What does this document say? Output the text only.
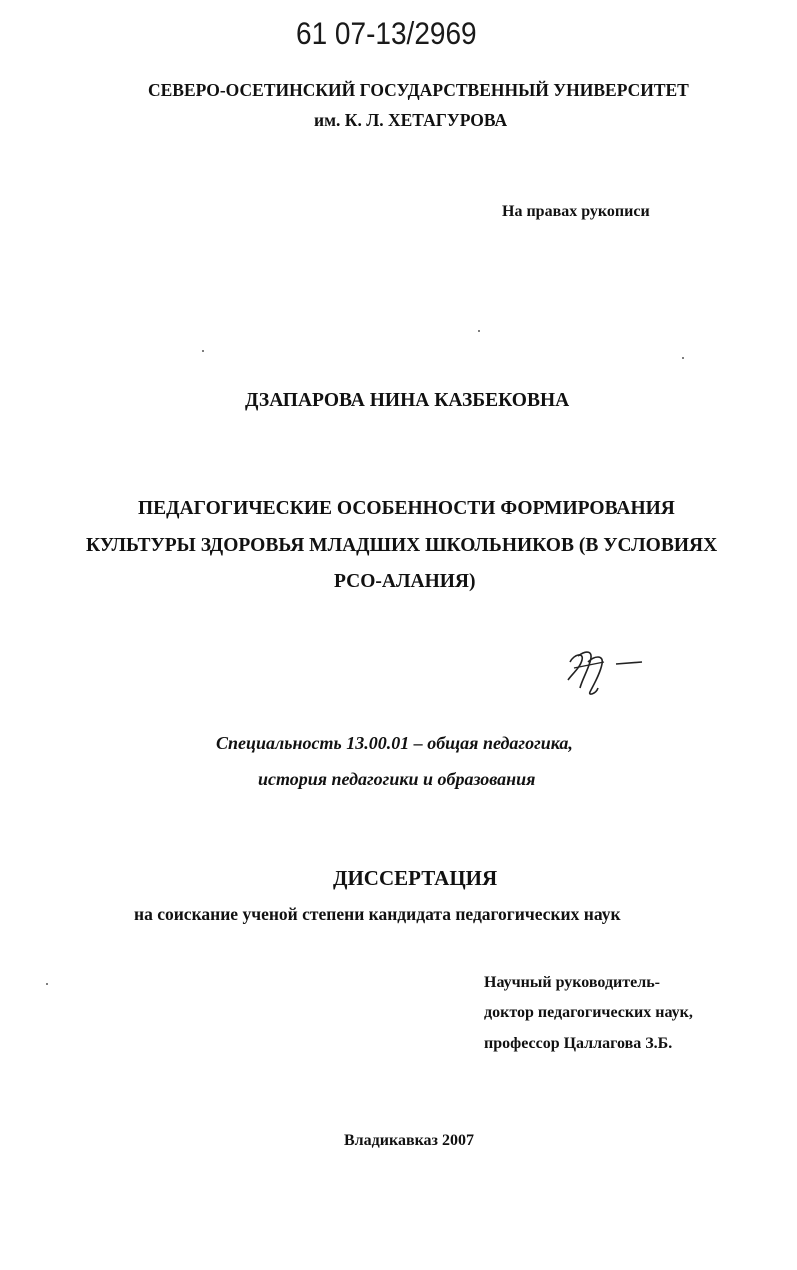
61 07-13/2969
СЕВЕРО-ОСЕТИНСКИЙ ГОСУДАРСТВЕННЫЙ УНИВЕРСИТЕТ
им. К. Л. ХЕТАГУРОВА
На правах рукописи
ДЗАПАРОВА НИНА КАЗБЕКОВНА
ПЕДАГОГИЧЕСКИЕ ОСОБЕННОСТИ ФОРМИРОВАНИЯ
КУЛЬТУРЫ ЗДОРОВЬЯ МЛАДШИХ ШКОЛЬНИКОВ (В УСЛОВИЯХ
РСО-АЛАНИЯ)
Специальность 13.00.01 – общая педагогика,
история педагогики и образования
ДИССЕРТАЦИЯ
на соискание ученой степени кандидата педагогических наук
Научный руководитель-
доктор педагогических наук,
профессор Цаллагова З.Б.
Владикавказ 2007
